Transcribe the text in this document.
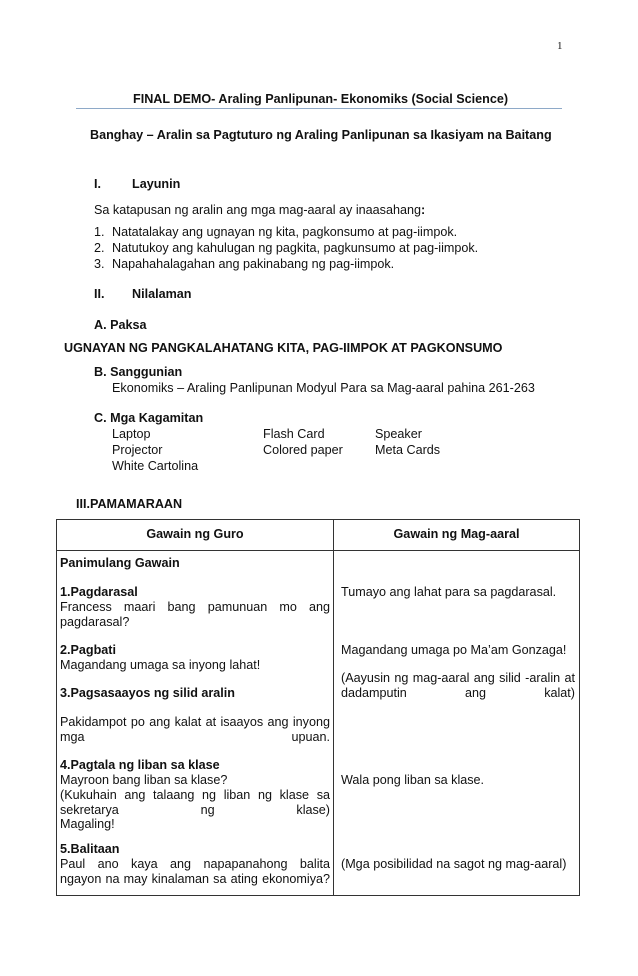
1
FINAL DEMO- Araling Panlipunan- Ekonomiks (Social Science)
Banghay – Aralin sa Pagtuturo ng Araling Panlipunan sa Ikasiyam na Baitang
I. Layunin
Sa katapusan ng aralin ang mga mag-aaral ay inaasahang:
1. Natatalakay ang ugnayan ng kita, pagkonsumo at pag-iimpok.
2. Natutukoy ang kahulugan ng pagkita, pagkunsumo at pag-iimpok.
3. Napahahalagahan ang pakinabang ng pag-iimpok.
II. Nilalaman
A. Paksa
UGNAYAN NG PANGKALAHATANG KITA, PAG-IIMPOK AT PAGKONSUMO
B. Sanggunian
Ekonomiks – Araling Panlipunan Modyul Para sa Mag-aaral pahina 261-263
C. Mga Kagamitan
Laptop
Projector
White Cartolina
Flash Card
Colored paper
Speaker
Meta Cards
III.PAMAMARAAN
Gawain ng Guro	Gawain ng Mag-aaral
Panimulang Gawain
1.Pagdarasal
Francess maari bang pamunuan mo ang pagdarasal?
Tumayo ang lahat para sa pagdarasal.
2.Pagbati
Magandang umaga sa inyong lahat!
Magandang umaga po Ma’am Gonzaga!
(Aayusin ng mag-aaral ang silid -aralin at dadamputin ang kalat)
3.Pagsasaayos ng silid aralin
Pakidampot po ang kalat at isaayos ang inyong mga upuan.
4.Pagtala ng liban sa klase
Mayroon bang liban sa klase?
(Kukuhain ang talaang ng liban ng klase sa sekretarya ng klase)
Magaling!
Wala pong liban sa klase.
5.Balitaan
Paul ano kaya ang napapanahong balita ngayon na may kinalaman sa ating ekonomiya?
(Mga posibilidad na sagot ng mag-aaral)
